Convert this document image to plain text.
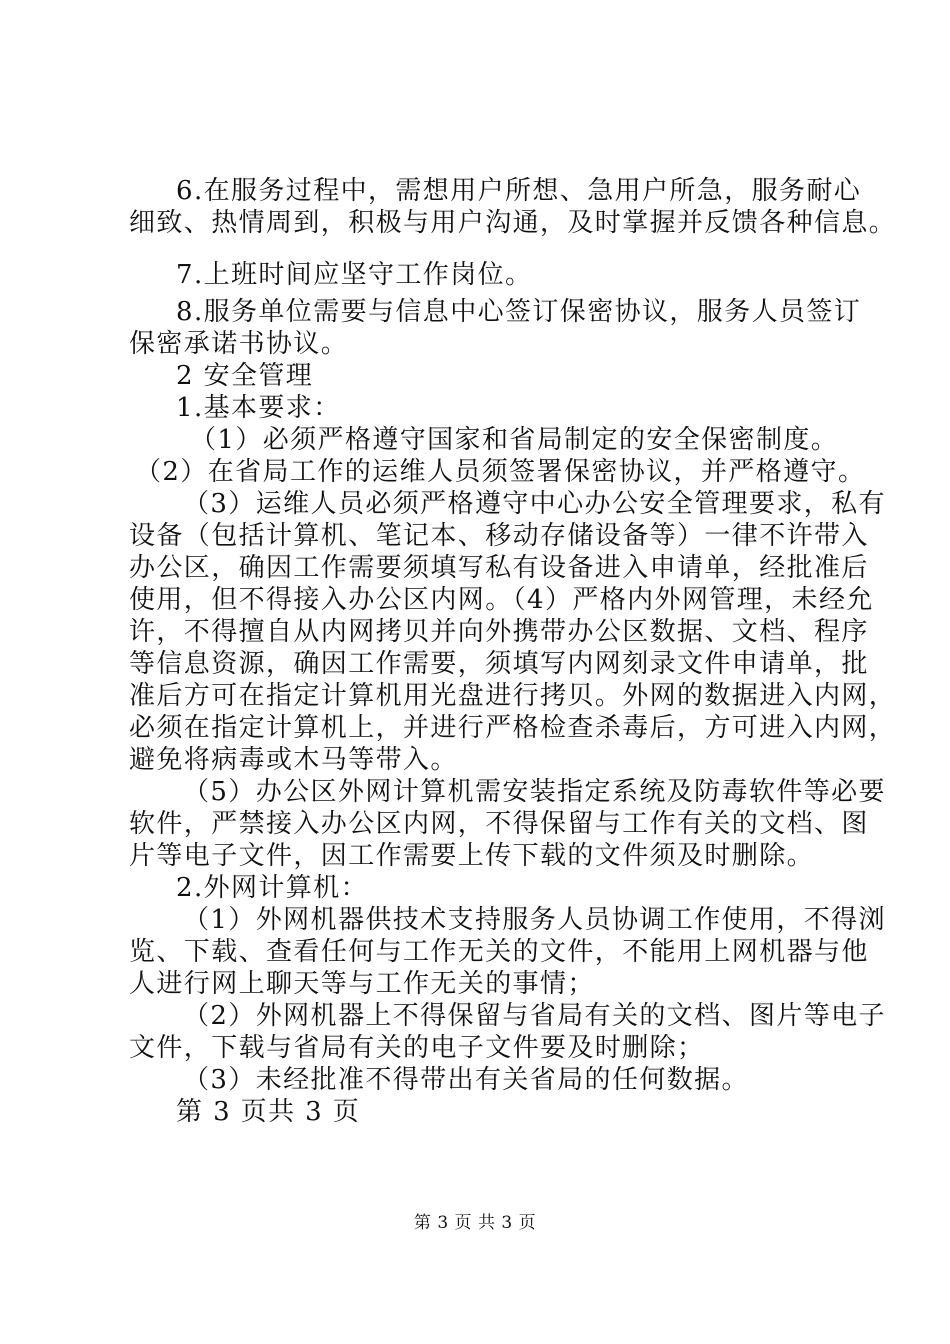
6.在服务过程中，需想用户所想、急用户所急，服务耐心
细致、热情周到，积极与用户沟通，及时掌握并反馈各种信息。
7.上班时间应坚守工作岗位。
8.服务单位需要与信息中心签订保密协议，服务人员签订
保密承诺书协议。
2 安全管理
1.基本要求：
（1）必须严格遵守国家和省局制定的安全保密制度。
（2）在省局工作的运维人员须签署保密协议，并严格遵守。
（3）运维人员必须严格遵守中心办公安全管理要求，私有
设备（包括计算机、笔记本、移动存储设备等）一律不许带入
办公区，确因工作需要须填写私有设备进入申请单，经批准后
使用，但不得接入办公区内网。（4）严格内外网管理，未经允
许，不得擅自从内网拷贝并向外携带办公区数据、文档、程序
等信息资源，确因工作需要，须填写内网刻录文件申请单，批
准后方可在指定计算机用光盘进行拷贝。外网的数据进入内网，
必须在指定计算机上，并进行严格检查杀毒后，方可进入内网，
避免将病毒或木马等带入。
（5）办公区外网计算机需安装指定系统及防毒软件等必要
软件，严禁接入办公区内网，不得保留与工作有关的文档、图
片等电子文件，因工作需要上传下载的文件须及时删除。
2.外网计算机：
（1）外网机器供技术支持服务人员协调工作使用，不得浏
览、下载、查看任何与工作无关的文件，不能用上网机器与他
人进行网上聊天等与工作无关的事情；
（2）外网机器上不得保留与省局有关的文档、图片等电子
文件，下载与省局有关的电子文件要及时删除；
（3）未经批准不得带出有关省局的任何数据。
第 3 页共 3 页
第 3 页 共 3 页
